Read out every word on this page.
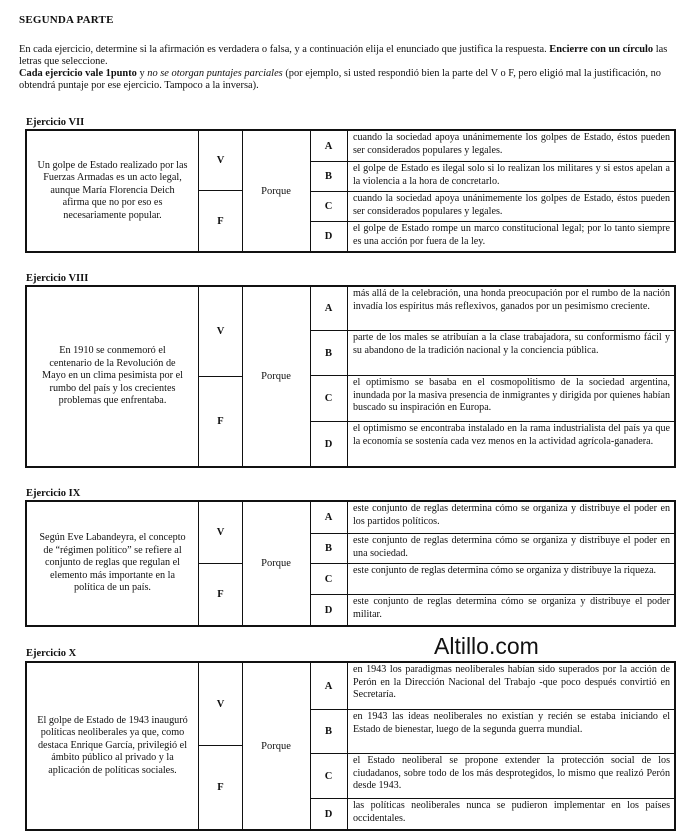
SEGUNDA PARTE
En cada ejercicio, determine si la afirmación es verdadera o falsa, y a continuación elija el enunciado que justifica la respuesta. Encierre con un círculo las letras que seleccione.
Cada ejercicio vale 1punto y no se otorgan puntajes parciales (por ejemplo, si usted respondió bien la parte del V o F, pero eligió mal la justificación, no obtendrá puntaje por ese ejercicio. Tampoco a la inversa).
Ejercicio VII
Un golpe de Estado realizado por las Fuerzas Armadas es un acto legal, aunque María Florencia Deich afirma que no por eso es necesariamente popular.
V
F
Porque
A
cuando la sociedad apoya unánimemente los golpes de Estado, éstos pueden ser considerados populares y legales.
B
el golpe de Estado es ilegal solo si lo realizan los militares y si estos apelan a la violencia a la hora de concretarlo.
C
cuando la sociedad apoya unánimemente los golpes de Estado, éstos pueden ser considerados populares y legales.
D
el golpe de Estado rompe un marco constitucional legal; por lo tanto siempre es una acción por fuera de la ley.
Ejercicio VIII
En 1910 se conmemoró el centenario de la Revolución de Mayo en un clima pesimista por el rumbo del país y los crecientes problemas que enfrentaba.
V
F
Porque
A
más allá de la celebración, una honda preocupación por el rumbo de la nación invadía los espíritus más reflexivos, ganados por un pesimismo creciente.
B
parte de los males se atribuían a la clase trabajadora, su conformismo fácil y su abandono de la tradición nacional y la conciencia pública.
C
el optimismo se basaba en el cosmopolitismo de la sociedad argentina, inundada por la masiva presencia de inmigrantes y dirigida por quienes habían buscado su inspiración en Europa.
D
el optimismo se encontraba instalado en la rama industrialista del país ya que la economía se sostenía cada vez menos en la actividad agrícola-ganadera.
Ejercicio IX
Según Eve Labandeyra, el concepto de “régimen político” se refiere al conjunto de reglas que regulan el elemento más importante en la política de un país.
V
F
Porque
A
este conjunto de reglas determina cómo se organiza y distribuye el poder en los partidos políticos.
B
este conjunto de reglas determina cómo se organiza y distribuye el poder en una sociedad.
C
este conjunto de reglas determina cómo se organiza y distribuye la riqueza.
D
este conjunto de reglas determina cómo se organiza y distribuye el poder militar.
Altillo.com
Ejercicio X
El golpe de Estado de 1943 inauguró políticas neoliberales ya que, como destaca Enrique García, privilegió el ámbito público al privado y la aplicación de políticas sociales.
V
F
Porque
A
en 1943 los paradigmas neoliberales habían sido superados por la acción de Perón en la Dirección Nacional del Trabajo -que poco después convirtió en Secretaría.
B
en 1943 las ideas neoliberales no existían y recién se estaba iniciando el Estado de bienestar, luego de la segunda guerra mundial.
C
el Estado neoliberal se propone extender la protección social de los ciudadanos, sobre todo de los más desprotegidos, lo mismo que realizó Perón desde 1943.
D
las políticas neoliberales nunca se pudieron implementar en los países occidentales.
